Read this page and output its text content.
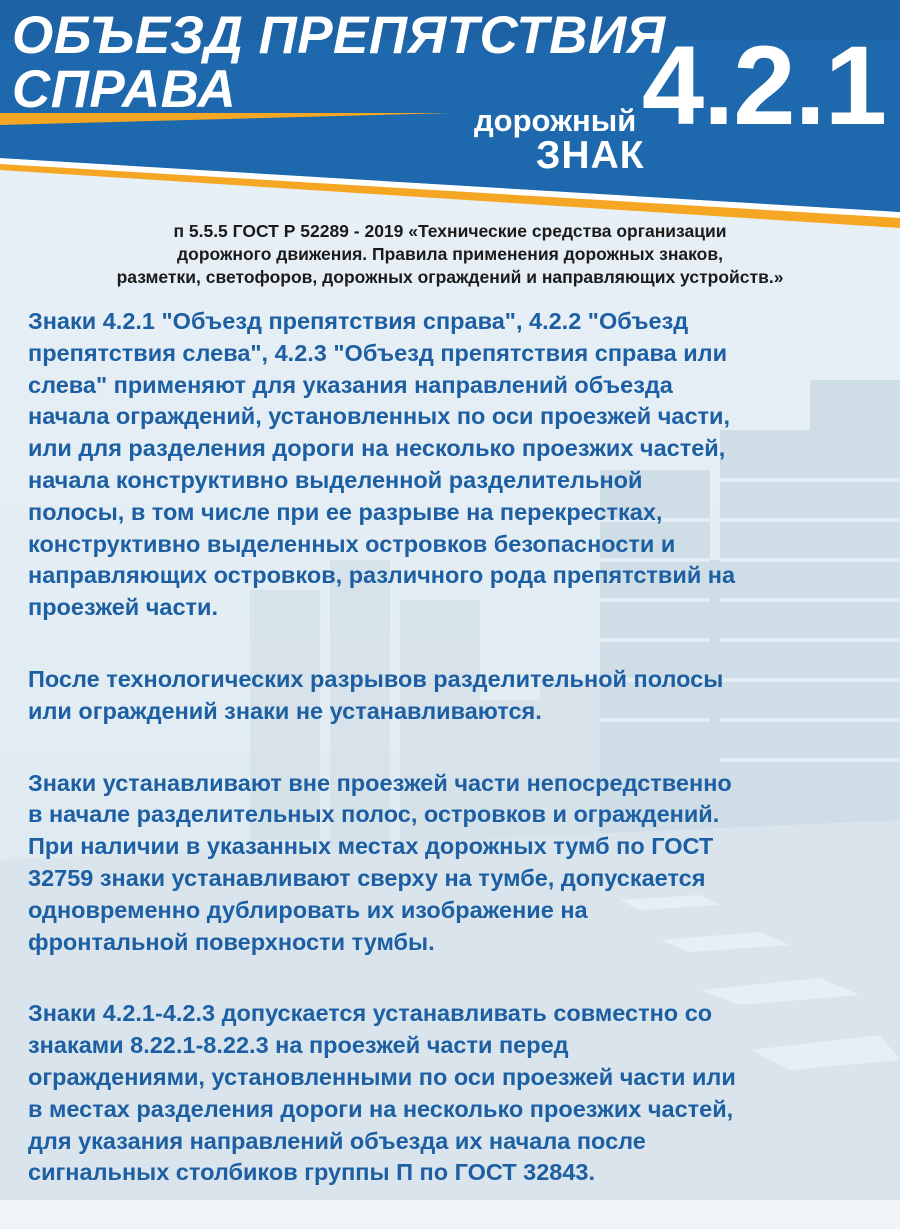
ОБЪЕЗД ПРЕПЯТСТВИЯ
СПРАВА	4.2.1
дорожный
ЗНАК
п 5.5.5 ГОСТ Р 52289 - 2019 «Технические средства организации
дорожного движения. Правила применения дорожных знаков,
разметки, светофоров, дорожных ограждений и направляющих устройств.»

Знаки 4.2.1 "Объезд препятствия справа", 4.2.2 "Объезд
препятствия слева", 4.2.3 "Объезд препятствия справа или
слева" применяют для указания направлений объезда
начала ограждений, установленных по оси проезжей части,
или для разделения дороги на несколько проезжих частей,
начала конструктивно выделенной разделительной
полосы, в том числе при ее разрыве на перекрестках,
конструктивно выделенных островков безопасности и
направляющих островков, различного рода препятствий на
проезжей части.

После технологических разрывов разделительной полосы
или ограждений знаки не устанавливаются.

Знаки устанавливают вне проезжей части непосредственно
в начале разделительных полос, островков и ограждений.
При наличии в указанных местах дорожных тумб по ГОСТ
32759 знаки устанавливают сверху на тумбе, допускается
одновременно дублировать их изображение на
фронтальной поверхности тумбы.

Знаки 4.2.1-4.2.3 допускается устанавливать совместно со
знаками 8.22.1-8.22.3 на проезжей части перед
ограждениями, установленными по оси проезжей части или
в местах разделения дороги на несколько проезжих частей,
для указания направлений объезда их начала после
сигнальных столбиков группы П по ГОСТ 32843.
